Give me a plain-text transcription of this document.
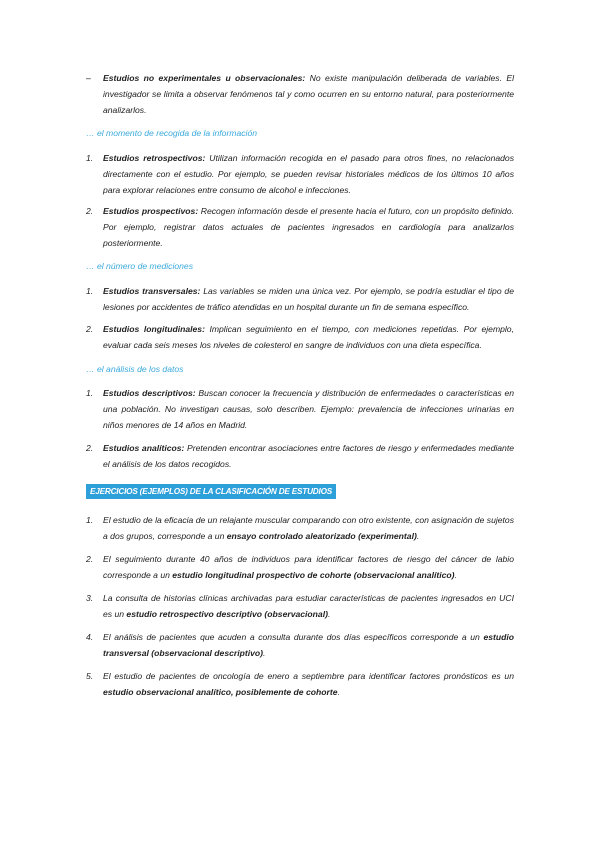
– Estudios no experimentales u observacionales: No existe manipulación deliberada de variables. El investigador se limita a observar fenómenos tal y como ocurren en su entorno natural, para posteriormente analizarlos.
… el momento de recogida de la información
1. Estudios retrospectivos: Utilizan información recogida en el pasado para otros fines, no relacionados directamente con el estudio. Por ejemplo, se pueden revisar historiales médicos de los últimos 10 años para explorar relaciones entre consumo de alcohol e infecciones.
2. Estudios prospectivos: Recogen información desde el presente hacia el futuro, con un propósito definido. Por ejemplo, registrar datos actuales de pacientes ingresados en cardiología para analizarlos posteriormente.
… el número de mediciones
1. Estudios transversales: Las variables se miden una única vez. Por ejemplo, se podría estudiar el tipo de lesiones por accidentes de tráfico atendidas en un hospital durante un fin de semana específico.
2. Estudios longitudinales: Implican seguimiento en el tiempo, con mediciones repetidas. Por ejemplo, evaluar cada seis meses los niveles de colesterol en sangre de individuos con una dieta específica.
… el análisis de los datos
1. Estudios descriptivos: Buscan conocer la frecuencia y distribución de enfermedades o características en una población. No investigan causas, solo describen. Ejemplo: prevalencia de infecciones urinarias en niños menores de 14 años en Madrid.
2. Estudios analíticos: Pretenden encontrar asociaciones entre factores de riesgo y enfermedades mediante el análisis de los datos recogidos.
EJERCICIOS (EJEMPLOS) DE LA CLASIFICACIÓN DE ESTUDIOS
1. El estudio de la eficacia de un relajante muscular comparando con otro existente, con asignación de sujetos a dos grupos, corresponde a un ensayo controlado aleatorizado (experimental).
2. El seguimiento durante 40 años de individuos para identificar factores de riesgo del cáncer de labio corresponde a un estudio longitudinal prospectivo de cohorte (observacional analítico).
3. La consulta de historias clínicas archivadas para estudiar características de pacientes ingresados en UCI es un estudio retrospectivo descriptivo (observacional).
4. El análisis de pacientes que acuden a consulta durante dos días específicos corresponde a un estudio transversal (observacional descriptivo).
5. El estudio de pacientes de oncología de enero a septiembre para identificar factores pronósticos es un estudio observacional analítico, posiblemente de cohorte.
